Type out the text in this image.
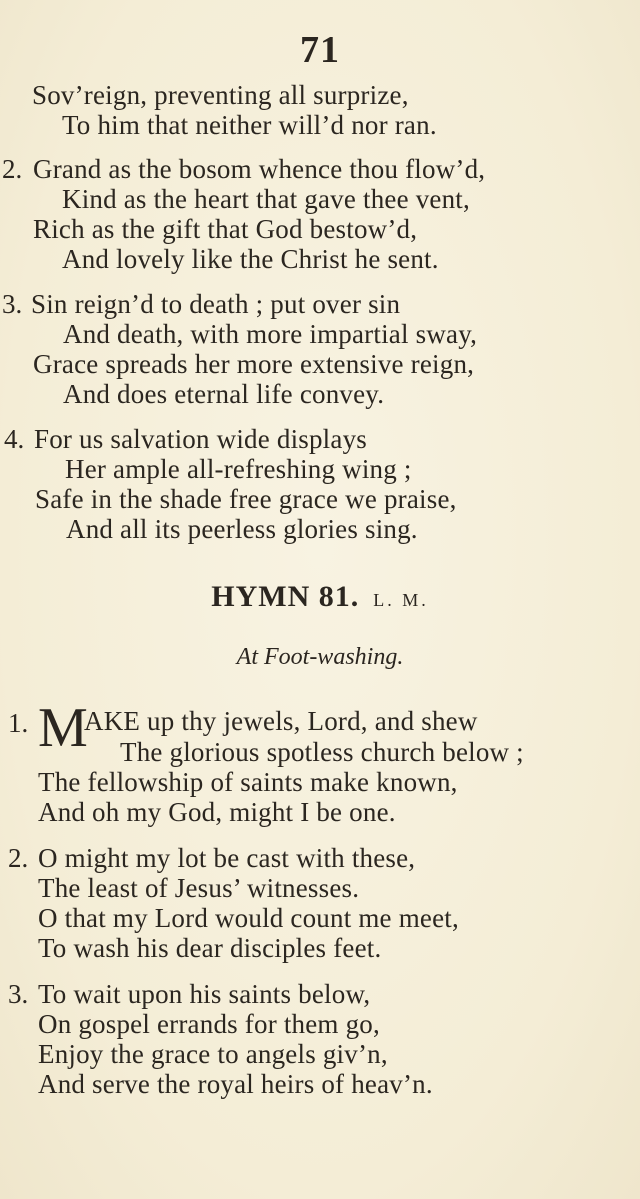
71
Sov’reign, preventing all surprize,
To him that neither will’d nor ran.
2. Grand as the bosom whence thou flow’d,
Kind as the heart that gave thee vent,
Rich as the gift that God bestow’d,
And lovely like the Christ he sent.
3. Sin reign’d to death ; put over sin
And death, with more impartial sway,
Grace spreads her more extensive reign,
And does eternal life convey.
4. For us salvation wide displays
Her ample all-refreshing wing ;
Safe in the shade free grace we praise,
And all its peerless glories sing.
HYMN 81. L. M.
At Foot-washing.
1. M
AKE up thy jewels, Lord, and shew
The glorious spotless church below ;
The fellowship of saints make known,
And oh my God, might I be one.
2. O might my lot be cast with these,
The least of Jesus’ witnesses.
O that my Lord would count me meet,
To wash his dear disciples feet.
3. To wait upon his saints below,
On gospel errands for them go,
Enjoy the grace to angels giv’n,
And serve the royal heirs of heav’n.
